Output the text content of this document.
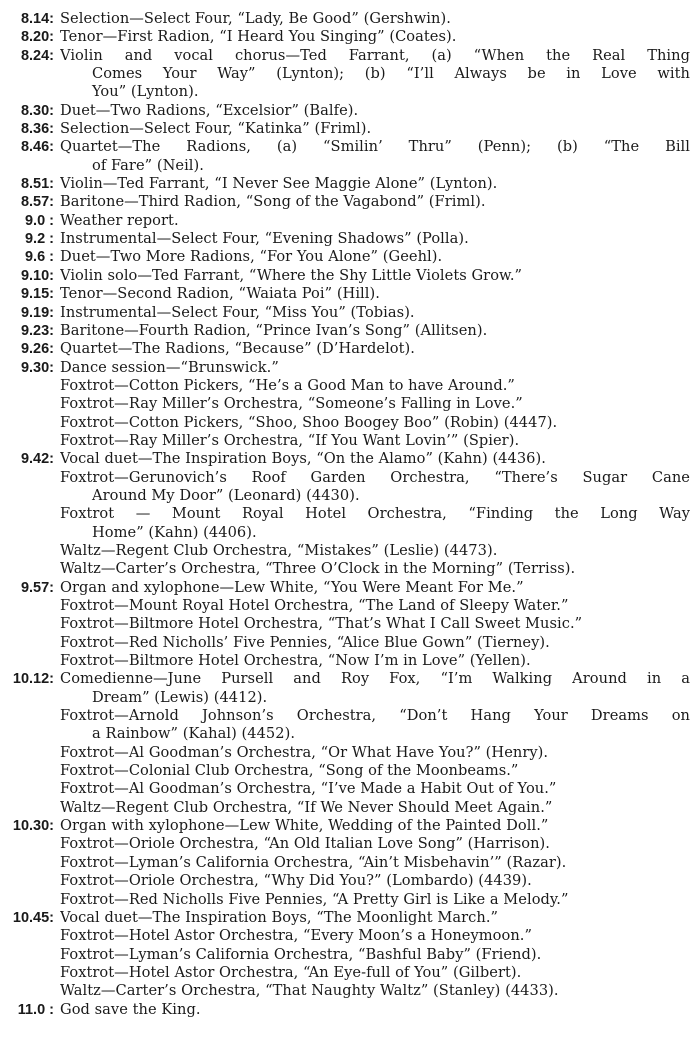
8.14: Selection—Select Four, “Lady, Be Good” (Gershwin).
8.20: Tenor—First Radion, “I Heard You Singing” (Coates).
8.24: Violin and vocal chorus—Ted Farrant, (a) “When the Real Thing
Comes Your Way” (Lynton); (b) “I’ll Always be in Love with
You” (Lynton).
8.30: Duet—Two Radions, “Excelsior” (Balfe).
8.36: Selection—Select Four, “Katinka” (Friml).
8.46: Quartet—The Radions, (a) “Smilin’ Thru” (Penn); (b) “The Bill
of Fare” (Neil).
8.51: Violin—Ted Farrant, “I Never See Maggie Alone” (Lynton).
8.57: Baritone—Third Radion, “Song of the Vagabond” (Friml).
9.0 : Weather report.
9.2 : Instrumental—Select Four, “Evening Shadows” (Polla).
9.6 : Duet—Two More Radions, “For You Alone” (Geehl).
9.10: Violin solo—Ted Farrant, “Where the Shy Little Violets Grow.”
9.15: Tenor—Second Radion, “Waiata Poi” (Hill).
9.19: Instrumental—Select Four, “Miss You” (Tobias).
9.23: Baritone—Fourth Radion, “Prince Ivan’s Song” (Allitsen).
9.26: Quartet—The Radions, “Because” (D’Hardelot).
9.30: Dance session—“Brunswick.”
Foxtrot—Cotton Pickers, “He’s a Good Man to have Around.”
Foxtrot—Ray Miller’s Orchestra, “Someone’s Falling in Love.”
Foxtrot—Cotton Pickers, “Shoo, Shoo Boogey Boo” (Robin) (4447).
Foxtrot—Ray Miller’s Orchestra, “If You Want Lovin’” (Spier).
9.42: Vocal duet—The Inspiration Boys, “On the Alamo” (Kahn) (4436).
Foxtrot—Gerunovich’s Roof Garden Orchestra, “There’s Sugar Cane
Around My Door” (Leonard) (4430).
Foxtrot — Mount Royal Hotel Orchestra, “Finding the Long Way
Home” (Kahn) (4406).
Waltz—Regent Club Orchestra, “Mistakes” (Leslie) (4473).
Waltz—Carter’s Orchestra, “Three O’Clock in the Morning” (Terriss).
9.57: Organ and xylophone—Lew White, “You Were Meant For Me.”
Foxtrot—Mount Royal Hotel Orchestra, “The Land of Sleepy Water.”
Foxtrot—Biltmore Hotel Orchestra, “That’s What I Call Sweet Music.”
Foxtrot—Red Nicholls’ Five Pennies, “Alice Blue Gown” (Tierney).
Foxtrot—Biltmore Hotel Orchestra, “Now I’m in Love” (Yellen).
10.12: Comedienne—June Pursell and Roy Fox, “I’m Walking Around in a
Dream” (Lewis) (4412).
Foxtrot—Arnold Johnson’s Orchestra, “Don’t Hang Your Dreams on
a Rainbow” (Kahal) (4452).
Foxtrot—Al Goodman’s Orchestra, “Or What Have You?” (Henry).
Foxtrot—Colonial Club Orchestra, “Song of the Moonbeams.”
Foxtrot—Al Goodman’s Orchestra, “I’ve Made a Habit Out of You.”
Waltz—Regent Club Orchestra, “If We Never Should Meet Again.”
10.30: Organ with xylophone—Lew White, Wedding of the Painted Doll.”
Foxtrot—Oriole Orchestra, “An Old Italian Love Song” (Harrison).
Foxtrot—Lyman’s California Orchestra, “Ain’t Misbehavin’” (Razar).
Foxtrot—Oriole Orchestra, “Why Did You?” (Lombardo) (4439).
Foxtrot—Red Nicholls Five Pennies, “A Pretty Girl is Like a Melody.”
10.45: Vocal duet—The Inspiration Boys, “The Moonlight March.”
Foxtrot—Hotel Astor Orchestra, “Every Moon’s a Honeymoon.”
Foxtrot—Lyman’s California Orchestra, “Bashful Baby” (Friend).
Foxtrot—Hotel Astor Orchestra, “An Eye-full of You” (Gilbert).
Waltz—Carter’s Orchestra, “That Naughty Waltz” (Stanley) (4433).
11.0 : God save the King.
